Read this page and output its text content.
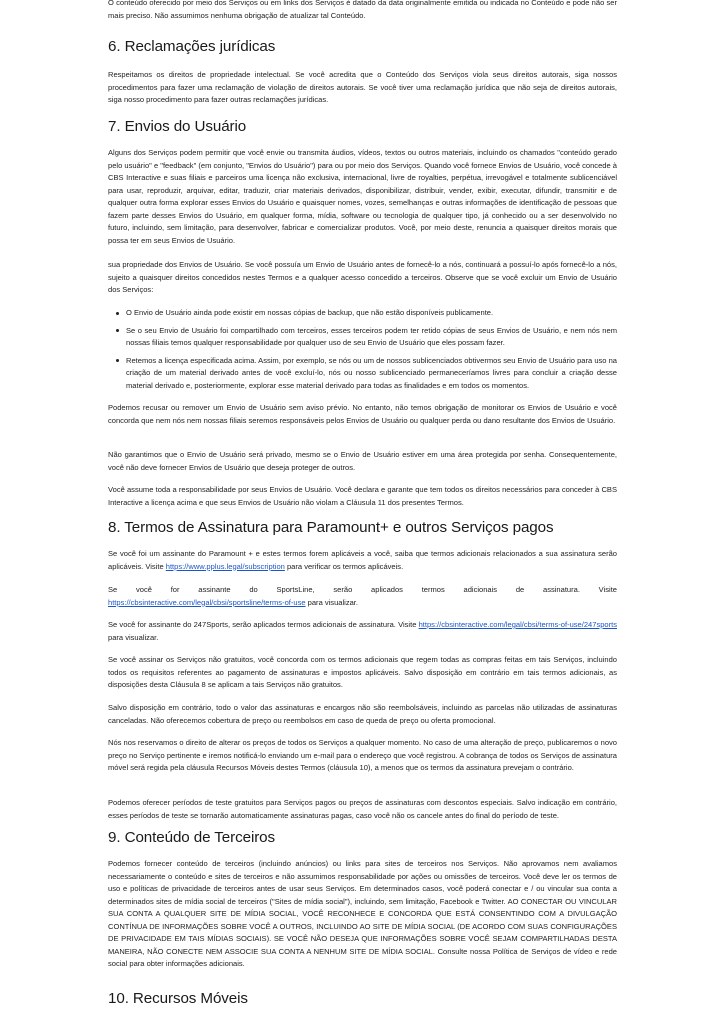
O conteúdo oferecido por meio dos Serviços ou em links dos Serviços é datado da data originalmente emitida ou indicada no Conteúdo e pode não ser mais preciso. Não assumimos nenhuma obrigação de atualizar tal Conteúdo.

6. Reclamações jurídicas

Respeitamos os direitos de propriedade intelectual. Se você acredita que o Conteúdo dos Serviços viola seus direitos autorais, siga nossos procedimentos para fazer uma reclamação de violação de direitos autorais. Se você tiver uma reclamação jurídica que não seja de direitos autorais, siga nosso procedimento para fazer outras reclamações jurídicas.

7. Envios do Usuário

Alguns dos Serviços podem permitir que você envie ou transmita áudios, vídeos, textos ou outros materiais, incluindo os chamados "conteúdo gerado pelo usuário" e "feedback" (em conjunto, "Envios do Usuário") para ou por meio dos Serviços. Quando você fornece Envios de Usuário, você concede à CBS Interactive e suas filiais e parceiros uma licença não exclusiva, internacional, livre de royalties, perpétua, irrevogável e totalmente sublicenciável para usar, reproduzir, arquivar, editar, traduzir, criar materiais derivados, disponibilizar, distribuir, vender, exibir, executar, difundir, transmitir e de qualquer outra forma explorar esses Envios do Usuário e quaisquer nomes, vozes, semelhanças e outras informações de identificação de pessoas que fazem parte desses Envios do Usuário, em qualquer forma, mídia, software ou tecnologia de qualquer tipo, já conhecido ou a ser desenvolvido no futuro, incluindo, sem limitação, para desenvolver, fabricar e comercializar produtos. Você, por meio deste, renuncia a quaisquer direitos morais que possa ter em seus Envios de Usuário.

sua propriedade dos Envios de Usuário. Se você possuía um Envio de Usuário antes de fornecê-lo a nós, continuará a possuí-lo após fornecê-lo a nós, sujeito a quaisquer direitos concedidos nestes Termos e a qualquer acesso concedido a terceiros. Observe que se você excluir um Envio de Usuário dos Serviços:

O Envio de Usuário ainda pode existir em nossas cópias de backup, que não estão disponíveis publicamente.
Se o seu Envio de Usuário foi compartilhado com terceiros, esses terceiros podem ter retido cópias de seus Envios de Usuário, e nem nós nem nossas filiais temos qualquer responsabilidade por qualquer uso de seu Envio de Usuário que eles possam fazer.
Retemos a licença especificada acima. Assim, por exemplo, se nós ou um de nossos sublicenciados obtivermos seu Envio de Usuário para uso na criação de um material derivado antes de você excluí-lo, nós ou nosso sublicenciado permaneceríamos livres para concluir a criação desse material derivado e, posteriormente, explorar esse material derivado para todas as finalidades e em todos os momentos.

Podemos recusar ou remover um Envio de Usuário sem aviso prévio. No entanto, não temos obrigação de monitorar os Envios de Usuário e você concorda que nem nós nem nossas filiais seremos responsáveis pelos Envios de Usuário ou qualquer perda ou dano resultante dos Envios de Usuário.

Não garantimos que o Envio de Usuário será privado, mesmo se o Envio de Usuário estiver em uma área protegida por senha. Consequentemente, você não deve fornecer Envios de Usuário que deseja proteger de outros.

Você assume toda a responsabilidade por seus Envios de Usuário. Você declara e garante que tem todos os direitos necessários para conceder à CBS Interactive a licença acima e que seus Envios de Usuário não violam a Cláusula 11 dos presentes Termos.

8. Termos de Assinatura para Paramount+ e outros Serviços pagos

Se você foi um assinante do Paramount + e estes termos forem aplicáveis a você, saiba que termos adicionais relacionados a sua assinatura serão aplicáveis. Visite https://www.pplus.legal/subscription para verificar os termos aplicáveis.

Se você for assinante do SportsLine, serão aplicados termos adicionais de assinatura. Visite

https://cbsinteractive.com/legal/cbsi/sportsline/terms-of-use para visualizar.

Se você for assinante do 247Sports, serão aplicados termos adicionais de assinatura. Visite https://cbsinteractive.com/legal/cbsi/terms-of-use/247sports para visualizar.

Se você assinar os Serviços não gratuitos, você concorda com os termos adicionais que regem todas as compras feitas em tais Serviços, incluindo todos os requisitos referentes ao pagamento de assinaturas e impostos aplicáveis. Salvo disposição em contrário em tais termos adicionais, as disposições desta Cláusula 8 se aplicam a tais Serviços não gratuitos.

Salvo disposição em contrário, todo o valor das assinaturas e encargos não são reembolsáveis, incluindo as parcelas não utilizadas de assinaturas canceladas. Não oferecemos cobertura de preço ou reembolsos em caso de queda de preço ou oferta promocional.

Nós nos reservamos o direito de alterar os preços de todos os Serviços a qualquer momento. No caso de uma alteração de preço, publicaremos o novo preço no Serviço pertinente e iremos notificá-lo enviando um e-mail para o endereço que você registrou. A cobrança de todos os Serviços de assinatura móvel será regida pela cláusula Recursos Móveis destes Termos (cláusula 10), a menos que os termos da assinatura prevejam o contrário.

Podemos oferecer períodos de teste gratuitos para Serviços pagos ou preços de assinaturas com descontos especiais. Salvo indicação em contrário, esses períodos de teste se tornarão automaticamente assinaturas pagas, caso você não os cancele antes do final do período de teste.

9. Conteúdo de Terceiros

Podemos fornecer conteúdo de terceiros (incluindo anúncios) ou links para sites de terceiros nos Serviços. Não aprovamos nem avaliamos necessariamente o conteúdo e sites de terceiros e não assumimos responsabilidade por ações ou omissões de terceiros. Você deve ler os termos de uso e políticas de privacidade de terceiros antes de usar seus Serviços. Em determinados casos, você poderá conectar e / ou vincular sua conta a determinados sites de mídia social de terceiros ("Sites de mídia social"), incluindo, sem limitação, Facebook e Twitter. AO CONECTAR OU VINCULAR SUA CONTA A QUALQUER SITE DE MÍDIA SOCIAL, VOCÊ RECONHECE E CONCORDA QUE ESTÁ CONSENTINDO COM A DIVULGAÇÃO CONTÍNUA DE INFORMAÇÕES SOBRE VOCÊ A OUTROS, INCLUINDO AO SITE DE MÍDIA SOCIAL (DE ACORDO COM SUAS CONFIGURAÇÕES DE PRIVACIDADE EM TAIS MÍDIAS SOCIAIS). SE VOCÊ NÃO DESEJA QUE INFORMAÇÕES SOBRE VOCÊ SEJAM COMPARTILHADAS DESTA MANEIRA, NÃO CONECTE NEM ASSOCIE SUA CONTA A NENHUM SITE DE MÍDIA SOCIAL. Consulte nossa Política de Serviços de vídeo e rede social para obter informações adicionais.

10. Recursos Móveis
